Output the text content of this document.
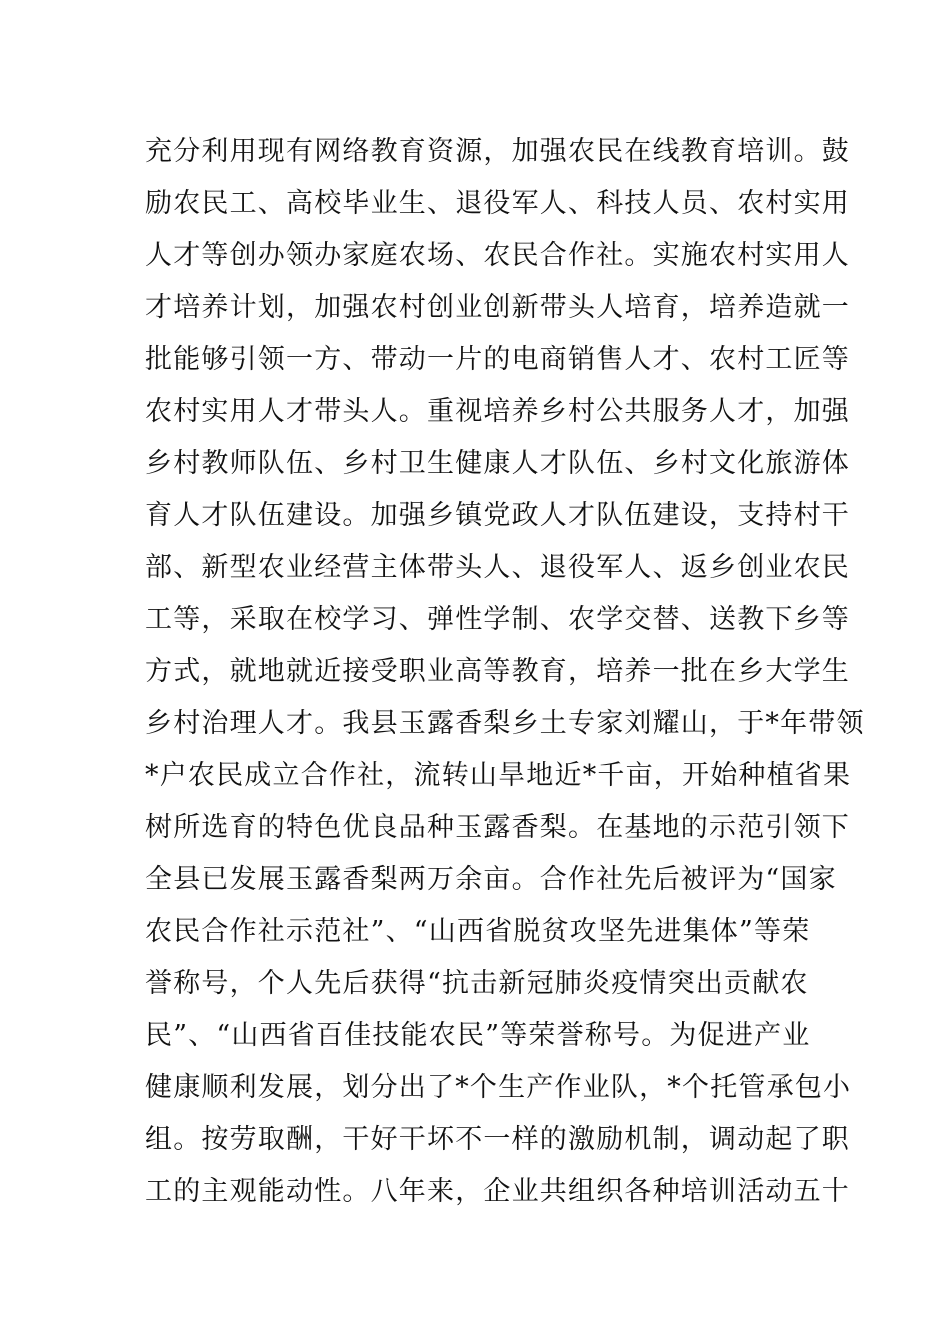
充分利用现有网络教育资源，加强农民在线教育培训。鼓
励农民工、高校毕业生、退役军人、科技人员、农村实用
人才等创办领办家庭农场、农民合作社。实施农村实用人
才培养计划，加强农村创业创新带头人培育，培养造就一
批能够引领一方、带动一片的电商销售人才、农村工匠等
农村实用人才带头人。重视培养乡村公共服务人才，加强
乡村教师队伍、乡村卫生健康人才队伍、乡村文化旅游体
育人才队伍建设。加强乡镇党政人才队伍建设，支持村干
部、新型农业经营主体带头人、退役军人、返乡创业农民
工等，采取在校学习、弹性学制、农学交替、送教下乡等
方式，就地就近接受职业高等教育，培养一批在乡大学生
乡村治理人才。我县玉露香梨乡土专家刘耀山，于*年带领
*户农民成立合作社，流转山旱地近*千亩，开始种植省果
树所选育的特色优良品种玉露香梨。在基地的示范引领下
全县已发展玉露香梨两万余亩。合作社先后被评为“国家
农民合作社示范社”、“山西省脱贫攻坚先进集体”等荣
誉称号，个人先后获得“抗击新冠肺炎疫情突出贡献农
民”、“山西省百佳技能农民”等荣誉称号。为促进产业
健康顺利发展，划分出了*个生产作业队，*个托管承包小
组。按劳取酬，干好干坏不一样的激励机制，调动起了职
工的主观能动性。八年来，企业共组织各种培训活动五十
